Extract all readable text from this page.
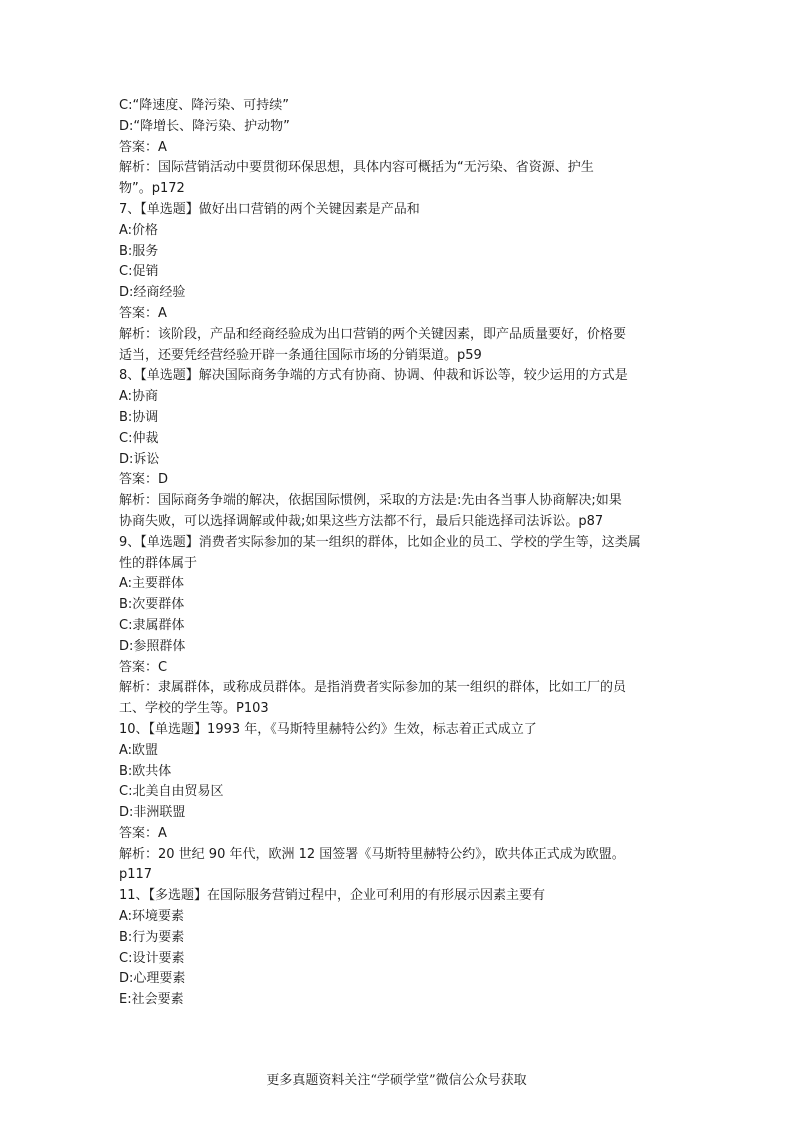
C:“降速度、降污染、可持续”
D:“降增长、降污染、护动物”
答案：A
解析：国际营销活动中要贯彻环保思想，具体内容可概括为“无污染、省资源、护生
物”。p172
7、【单选题】做好出口营销的两个关键因素是产品和
A:价格
B:服务
C:促销
D:经商经验
答案：A
解析：该阶段，产品和经商经验成为出口营销的两个关键因素，即产品质量要好，价格要
适当，还要凭经营经验开辟一条通往国际市场的分销渠道。p59
8、【单选题】解决国际商务争端的方式有协商、协调、仲裁和诉讼等，较少运用的方式是
A:协商
B:协调
C:仲裁
D:诉讼
答案：D
解析：国际商务争端的解决，依据国际惯例，采取的方法是:先由各当事人协商解决;如果
协商失败，可以选择调解或仲裁;如果这些方法都不行，最后只能选择司法诉讼。p87
9、【单选题】消费者实际参加的某一组织的群体，比如企业的员工、学校的学生等，这类属
性的群体属于
A:主要群体
B:次要群体
C:隶属群体
D:参照群体
答案：C
解析：隶属群体，或称成员群体。是指消费者实际参加的某一组织的群体，比如工厂的员
工、学校的学生等。P103
10、【单选题】1993 年，《马斯特里赫特公约》生效，标志着正式成立了
A:欧盟
B:欧共体
C:北美自由贸易区
D:非洲联盟
答案：A
解析：20 世纪 90 年代，欧洲 12 国签署《马斯特里赫特公约》，欧共体正式成为欧盟。
p117
11、【多选题】在国际服务营销过程中，企业可利用的有形展示因素主要有
A:环境要素
B:行为要素
C:设计要素
D:心理要素
E:社会要素
更多真题资料关注“学硕学堂”微信公众号获取
